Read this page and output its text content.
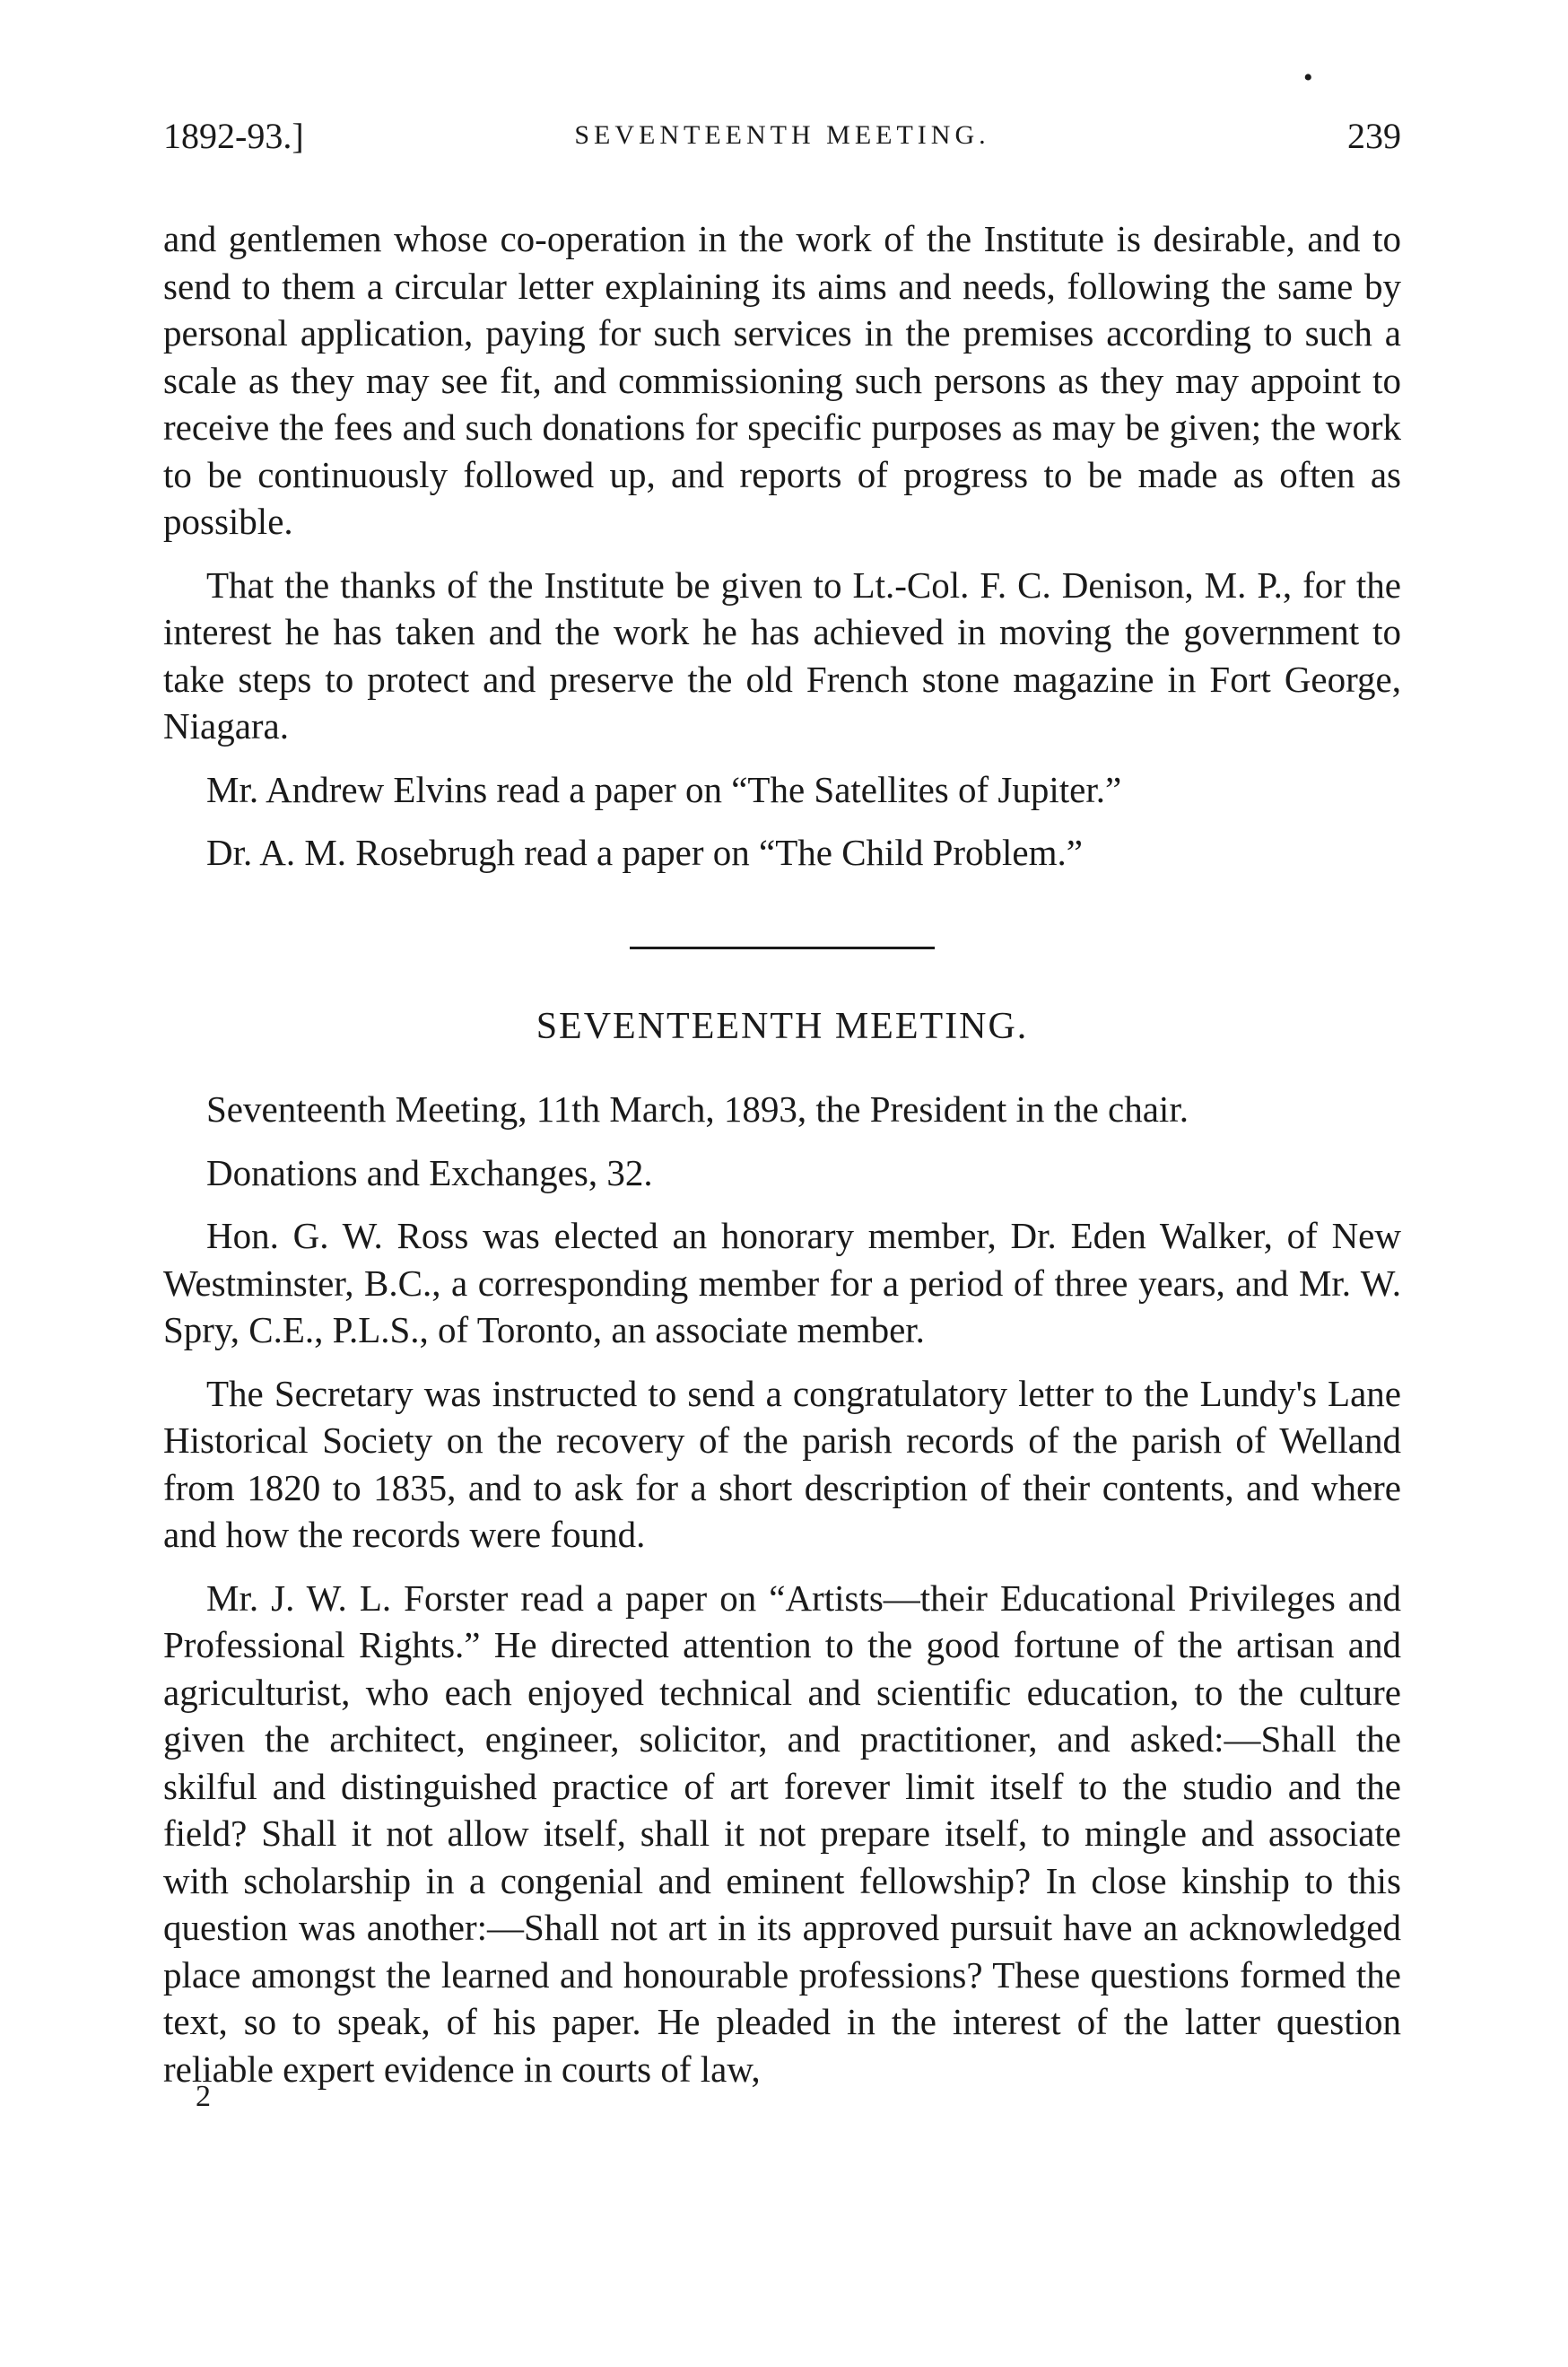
•
1892-93.]	SEVENTEENTH MEETING.	239

and gentlemen whose co-operation in the work of the Institute is desirable, and to send to them a circular letter explaining its aims and needs, following the same by personal application, paying for such services in the premises according to such a scale as they may see fit, and commissioning such persons as they may appoint to receive the fees and such donations for specific purposes as may be given; the work to be continuously followed up, and reports of progress to be made as often as possible.

That the thanks of the Institute be given to Lt.-Col. F. C. Denison, M. P., for the interest he has taken and the work he has achieved in moving the government to take steps to protect and preserve the old French stone magazine in Fort George, Niagara.

Mr. Andrew Elvins read a paper on “The Satellites of Jupiter.”

Dr. A. M. Rosebrugh read a paper on “The Child Problem.”

SEVENTEENTH MEETING.

Seventeenth Meeting, 11th March, 1893, the President in the chair.

Donations and Exchanges, 32.

Hon. G. W. Ross was elected an honorary member, Dr. Eden Walker, of New Westminster, B.C., a corresponding member for a period of three years, and Mr. W. Spry, C.E., P.L.S., of Toronto, an associate member.

The Secretary was instructed to send a congratulatory letter to the Lundy's Lane Historical Society on the recovery of the parish records of the parish of Welland from 1820 to 1835, and to ask for a short description of their contents, and where and how the records were found.

Mr. J. W. L. Forster read a paper on “Artists—their Educational Privileges and Professional Rights.” He directed attention to the good fortune of the artisan and agriculturist, who each enjoyed technical and scientific education, to the culture given the architect, engineer, solicitor, and practitioner, and asked:—Shall the skilful and distinguished practice of art forever limit itself to the studio and the field? Shall it not allow itself, shall it not prepare itself, to mingle and associate with scholarship in a congenial and eminent fellowship? In close kinship to this question was another:—Shall not art in its approved pursuit have an acknowledged place amongst the learned and honourable professions? These questions formed the text, so to speak, of his paper. He pleaded in the interest of the latter question reliable expert evidence in courts of law,

2
